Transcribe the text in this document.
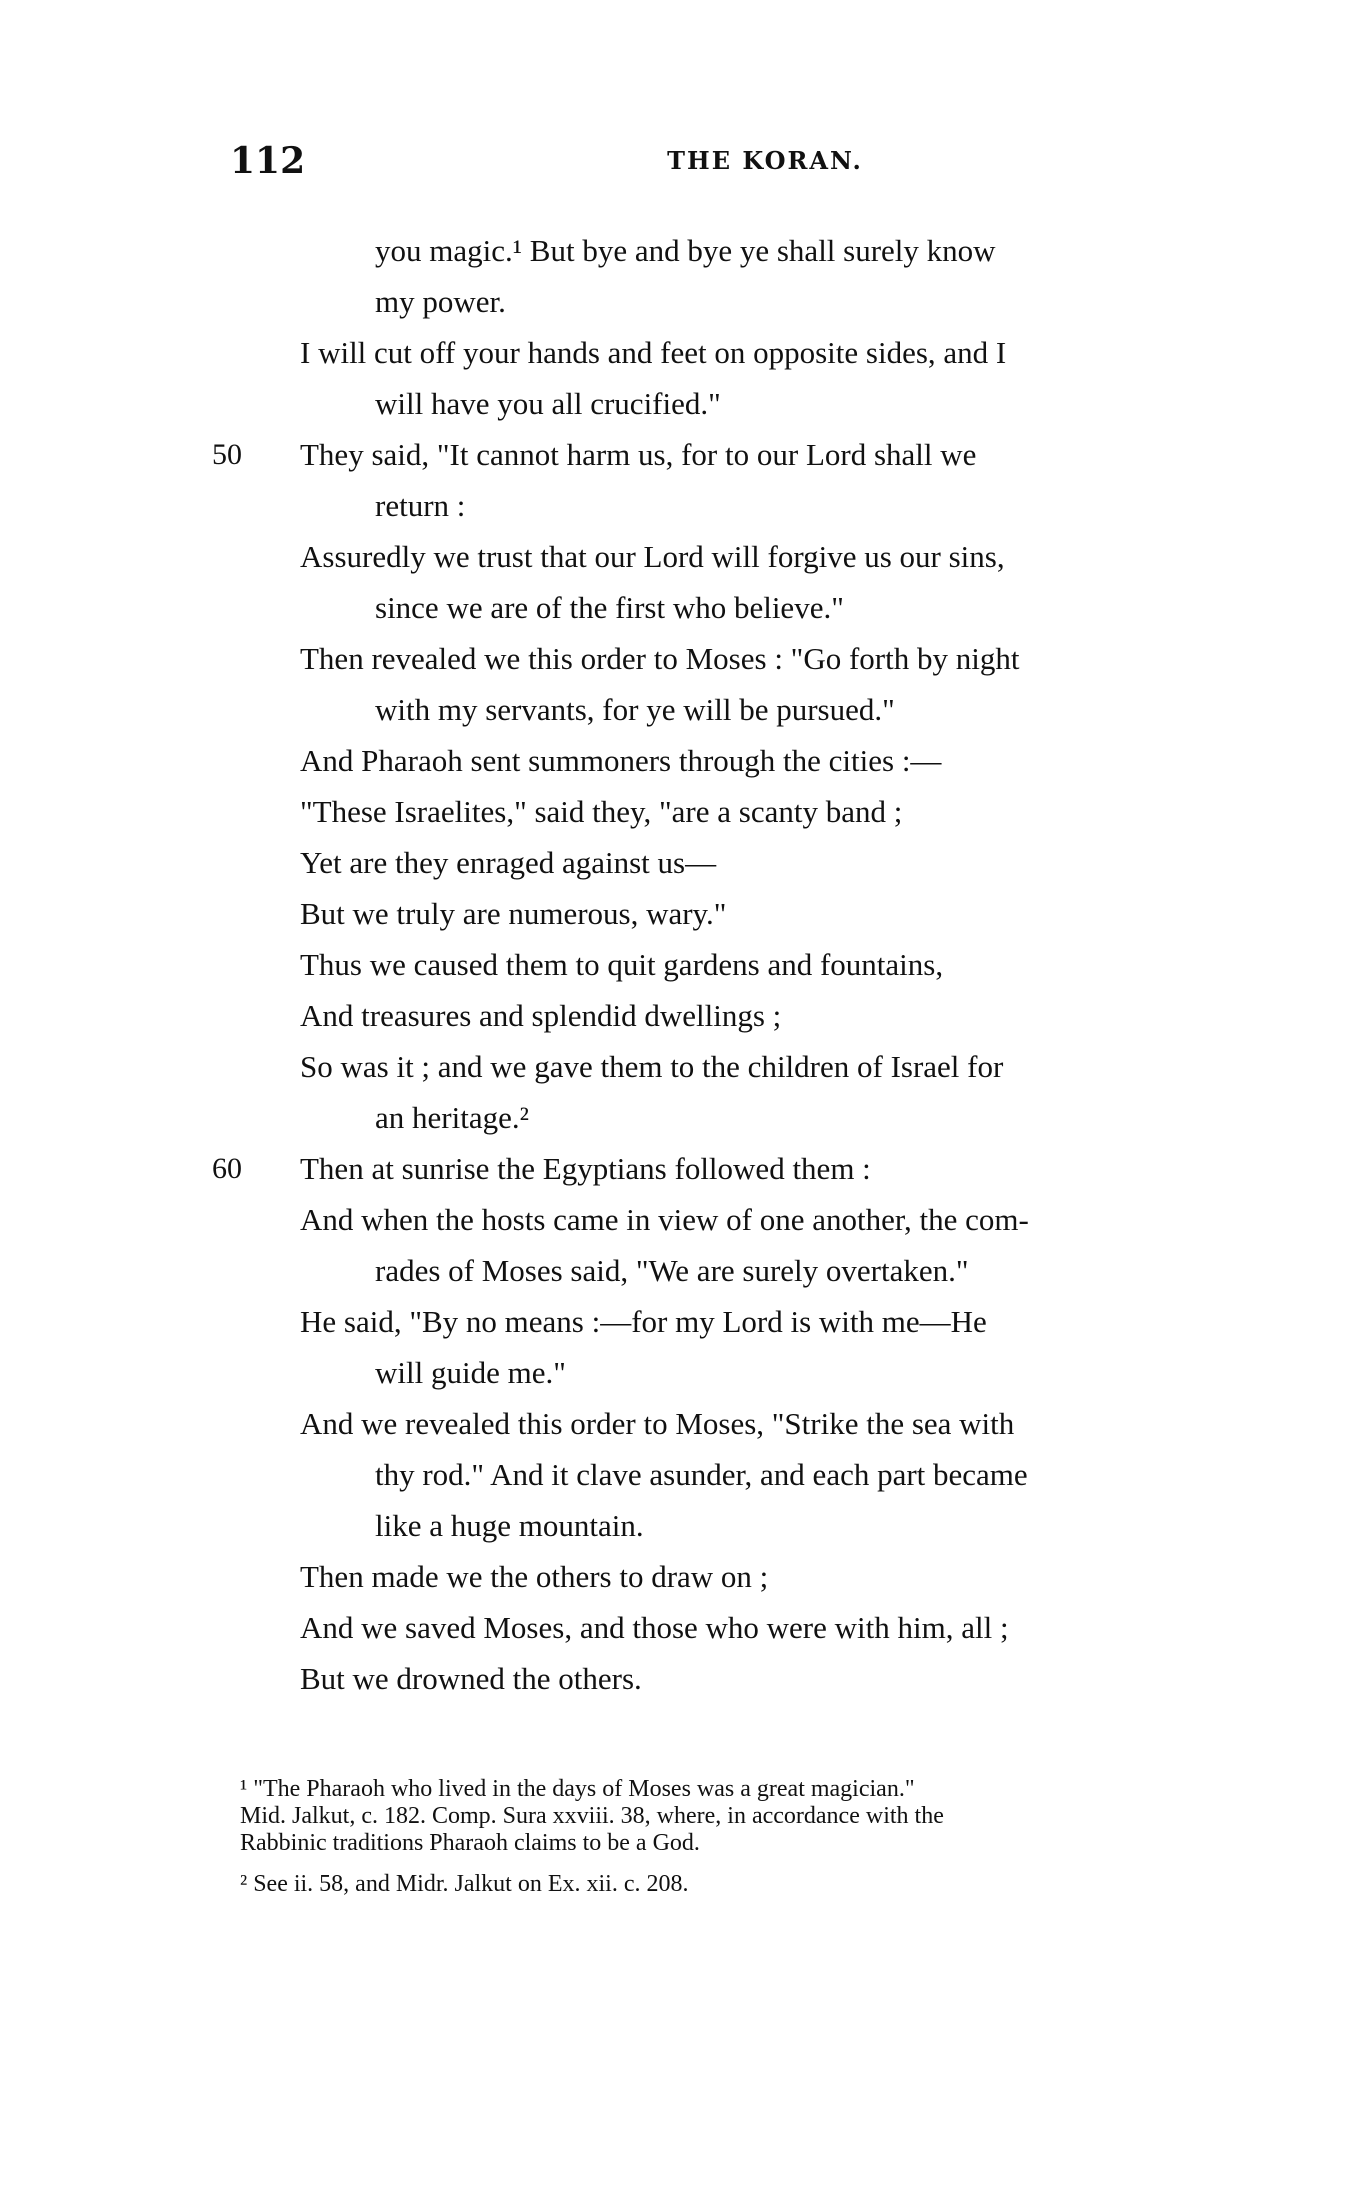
112	THE KORAN.
you magic.¹ But bye and bye ye shall surely know
my power.
I will cut off your hands and feet on opposite sides, and I
will have you all crucified."
50 They said, "It cannot harm us, for to our Lord shall we
return :
Assuredly we trust that our Lord will forgive us our sins,
since we are of the first who believe."
Then revealed we this order to Moses : "Go forth by night
with my servants, for ye will be pursued."
And Pharaoh sent summoners through the cities :—
"These Israelites," said they, "are a scanty band ;
Yet are they enraged against us—
But we truly are numerous, wary."
Thus we caused them to quit gardens and fountains,
And treasures and splendid dwellings ;
So was it ; and we gave them to the children of Israel for
an heritage.²
60 Then at sunrise the Egyptians followed them :
And when the hosts came in view of one another, the com-
rades of Moses said, "We are surely overtaken."
He said, "By no means :—for my Lord is with me—He
will guide me."
And we revealed this order to Moses, "Strike the sea with
thy rod." And it clave asunder, and each part became
like a huge mountain.
Then made we the others to draw on ;
And we saved Moses, and those who were with him, all ;
But we drowned the others.
¹ "The Pharaoh who lived in the days of Moses was a great magician."
Mid. Jalkut, c. 182. Comp. Sura xxviii. 38, where, in accordance with the
Rabbinic traditions Pharaoh claims to be a God.
² See ii. 58, and Midr. Jalkut on Ex. xii. c. 208.
